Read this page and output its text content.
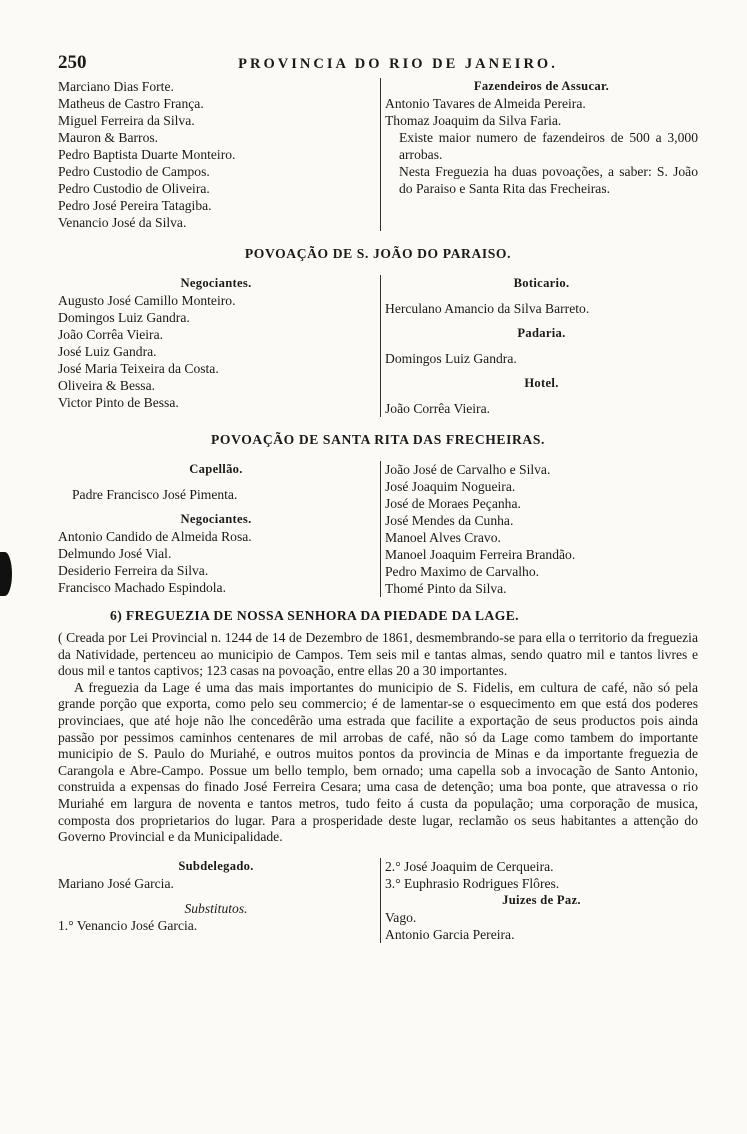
250	PROVINCIA DO RIO DE JANEIRO.
Marciano Dias Forte.
Matheus de Castro França.
Miguel Ferreira da Silva.
Mauron & Barros.
Pedro Baptista Duarte Monteiro.
Pedro Custodio de Campos.
Pedro Custodio de Oliveira.
Pedro José Pereira Tatagiba.
Venancio José da Silva.
Fazendeiros de Assucar.
Antonio Tavares de Almeida Pereira.
Thomaz Joaquim da Silva Faria.
Existe maior numero de fazendeiros de 500 a 3,000 arrobas.
Nesta Freguezia ha duas povoações, a saber: S. João do Paraiso e Santa Rita das Frecheiras.
POVOAÇÃO DE S. JOÃO DO PARAISO.
Negociantes.
Augusto José Camillo Monteiro.
Domingos Luiz Gandra.
João Corrêa Vieira.
José Luiz Gandra.
José Maria Teixeira da Costa.
Oliveira & Bessa.
Victor Pinto de Bessa.
Boticario.
Herculano Amancio da Silva Barreto.
Padaria.
Domingos Luiz Gandra.
Hotel.
João Corrêa Vieira.
POVOAÇÃO DE SANTA RITA DAS FRECHEIRAS.
Capellão.
Padre Francisco José Pimenta.
Negociantes.
Antonio Candido de Almeida Rosa.
Delmundo José Vial.
Desiderio Ferreira da Silva.
Francisco Machado Espindola.
João José de Carvalho e Silva.
José Joaquim Nogueira.
José de Moraes Peçanha.
José Mendes da Cunha.
Manoel Alves Cravo.
Manoel Joaquim Ferreira Brandão.
Pedro Maximo de Carvalho.
Thomé Pinto da Silva.
6) FREGUEZIA DE NOSSA SENHORA DA PIEDADE DA LAGE.

( Creada por Lei Provincial n. 1244 de 14 de Dezembro de 1861, desmembrando-se para ella o territorio da freguezia da Natividade, pertenceu ao municipio de Campos. Tem seis mil e tantas almas, sendo quatro mil e tantos livres e dous mil e tantos captivos; 123 casas na povoação, entre ellas 20 a 30 importantes.

A freguezia da Lage é uma das mais importantes do municipio de S. Fidelis, em cultura de café, não só pela grande porção que exporta, como pelo seu commercio; é de lamentar-se o esquecimento em que está dos poderes provinciaes, que até hoje não lhe concedêrão uma estrada que facilite a exportação de seus productos pois ainda passão por pessimos caminhos centenares de mil arrobas de café, não só da Lage como tambem do importante municipio de S. Paulo do Muriahé, e outros muitos pontos da provincia de Minas e da importante freguezia de Carangola e Abre-Campo. Possue um bello templo, bem ornado; uma capella sob a invocação de Santo Antonio, construida a expensas do finado José Ferreira Cesara; uma casa de detenção; uma boa ponte, que atravessa o rio Muriahé em largura de noventa e tantos metros, tudo feito á custa da população; uma corporação de musica, composta dos proprietarios do lugar. Para a prosperidade deste lugar, reclamão os seus habitantes a attenção do Governo Provincial e da Municipalidade.

Subdelegado.
Mariano José Garcia.
Substitutos.
1.° Venancio José Garcia.
2.° José Joaquim de Cerqueira.
3.° Euphrasio Rodrigues Flôres.
Juizes de Paz.
Vago.
Antonio Garcia Pereira.
